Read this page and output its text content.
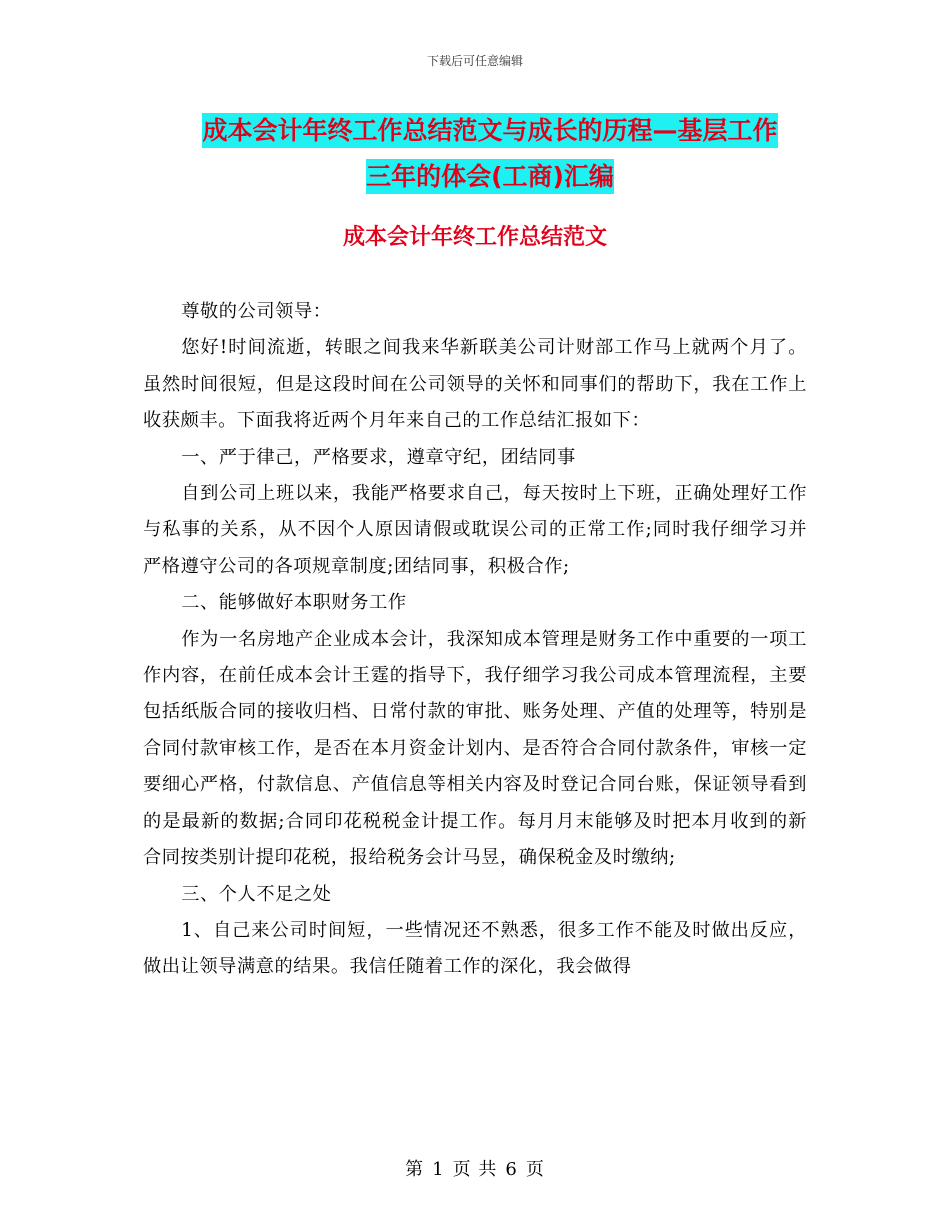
下载后可任意编辑
成本会计年终工作总结范文与成长的历程—基层工作
三年的体会(工商)汇编
成本会计年终工作总结范文

尊敬的公司领导：

您好!时间流逝，转眼之间我来华新联美公司计财部工作马上就两个月了。虽然时间很短，但是这段时间在公司领导的关怀和同事们的帮助下，我在工作上收获颇丰。下面我将近两个月年来自己的工作总结汇报如下：

一、严于律己，严格要求，遵章守纪，团结同事

自到公司上班以来，我能严格要求自己，每天按时上下班，正确处理好工作与私事的关系，从不因个人原因请假或耽误公司的正常工作;同时我仔细学习并严格遵守公司的各项规章制度;团结同事，积极合作;

二、能够做好本职财务工作

作为一名房地产企业成本会计，我深知成本管理是财务工作中重要的一项工作内容，在前任成本会计王霆的指导下，我仔细学习我公司成本管理流程，主要包括纸版合同的接收归档、日常付款的审批、账务处理、产值的处理等，特别是合同付款审核工作，是否在本月资金计划内、是否符合合同付款条件，审核一定要细心严格，付款信息、产值信息等相关内容及时登记合同台账，保证领导看到的是最新的数据;合同印花税税金计提工作。每月月末能够及时把本月收到的新合同按类别计提印花税，报给税务会计马昱，确保税金及时缴纳;

三、个人不足之处

1、自己来公司时间短，一些情况还不熟悉，很多工作不能及时做出反应，做出让领导满意的结果。我信任随着工作的深化，我会做得

第 1 页 共 6 页
